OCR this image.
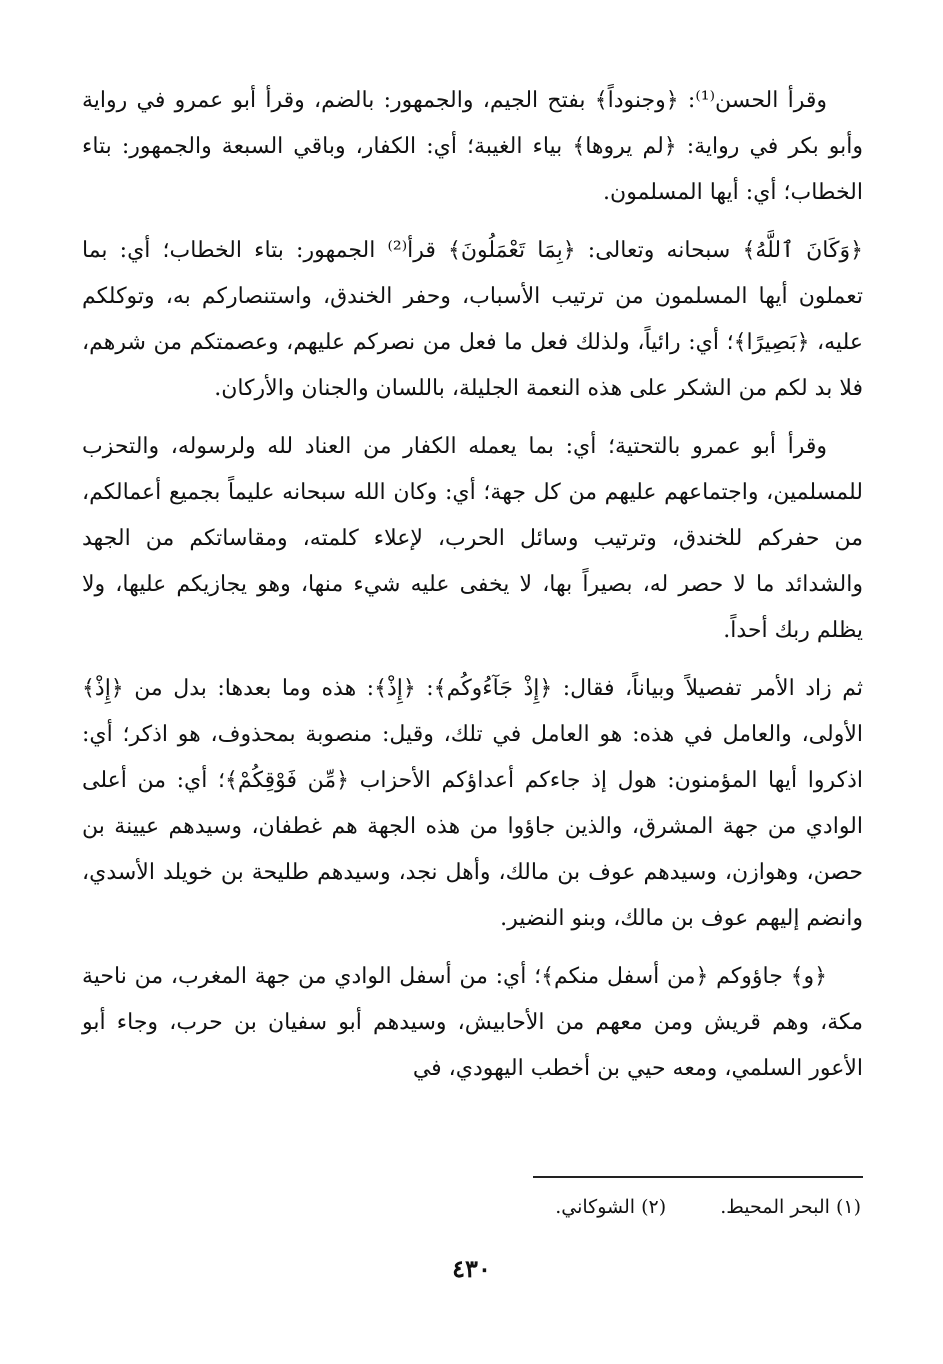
وقرأ الحسن⁽¹⁾: ﴿وجنوداً﴾ بفتح الجيم، والجمهور: بالضم، وقرأ أبو عمرو في رواية وأبو بكر في رواية: ﴿لم يروها﴾ بياء الغيبة؛ أي: الكفار، وباقي السبعة والجمهور: بتاء الخطاب؛ أي: أيها المسلمون.

﴿وَكَانَ ٱللَّهُ﴾ سبحانه وتعالى: ﴿بِمَا تَعْمَلُونَ﴾ قرأ⁽²⁾ الجمهور: بتاء الخطاب؛ أي: بما تعملون أيها المسلمون من ترتيب الأسباب، وحفر الخندق، واستنصاركم به، وتوكلكم عليه، ﴿بَصِيرًا﴾؛ أي: رائياً، ولذلك فعل ما فعل من نصركم عليهم، وعصمتكم من شرهم، فلا بد لكم من الشكر على هذه النعمة الجليلة، باللسان والجنان والأركان.

وقرأ أبو عمرو بالتحتية؛ أي: بما يعمله الكفار من العناد لله ولرسوله، والتحزب للمسلمين، واجتماعهم عليهم من كل جهة؛ أي: وكان الله سبحانه عليماً بجميع أعمالكم، من حفركم للخندق، وترتيب وسائل الحرب، لإعلاء كلمته، ومقاساتكم من الجهد والشدائد ما لا حصر له، بصيراً بها، لا يخفى عليه شيء منها، وهو يجازيكم عليها، ولا يظلم ربك أحداً.

ثم زاد الأمر تفصيلاً وبياناً، فقال: ﴿إِذْ جَآءُوكُم﴾: ﴿إِذْ﴾: هذه وما بعدها: بدل من ﴿إِذْ﴾ الأولى، والعامل في هذه: هو العامل في تلك، وقيل: منصوبة بمحذوف، هو اذكر؛ أي: اذكروا أيها المؤمنون: هول إذ جاءكم أعداؤكم الأحزاب ﴿مِّن فَوْقِكُمْ﴾؛ أي: من أعلى الوادي من جهة المشرق، والذين جاؤوا من هذه الجهة هم غطفان، وسيدهم عيينة بن حصن، وهوازن، وسيدهم عوف بن مالك، وأهل نجد، وسيدهم طليحة بن خويلد الأسدي، وانضم إليهم عوف بن مالك، وبنو النضير.

﴿و﴾ جاؤوكم ﴿من أسفل منكم﴾؛ أي: من أسفل الوادي من جهة المغرب، من ناحية مكة، وهم قريش ومن معهم من الأحابيش، وسيدهم أبو سفيان بن حرب، وجاء أبو الأعور السلمي، ومعه حيي بن أخطب اليهودي، في

(١) البحر المحيط. (٢) الشوكاني.
٤٣٠
